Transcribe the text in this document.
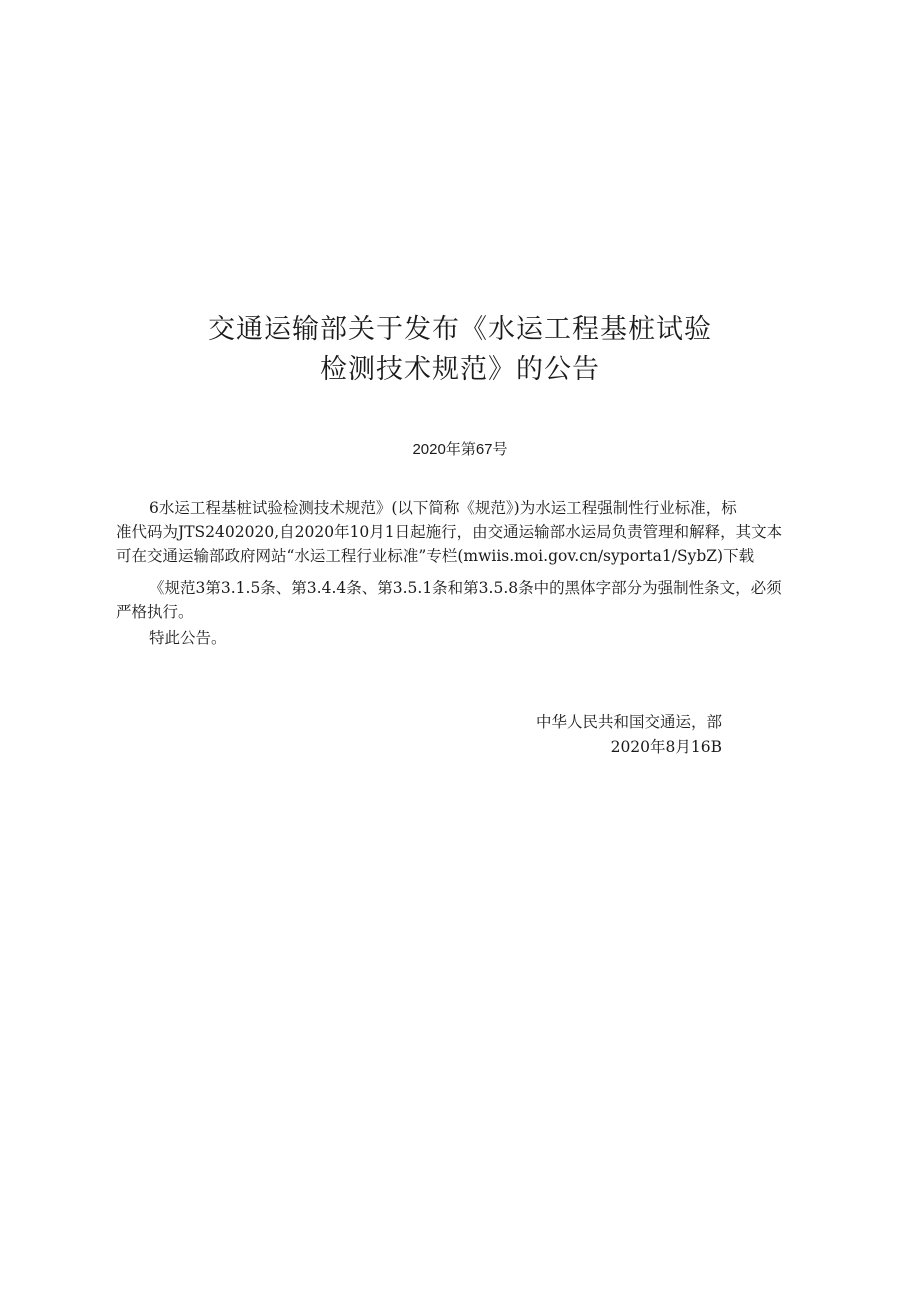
交通运输部关于发布《水运工程基桩试验
检测技术规范》的公告
2020年第67号
6水运工程基桩试验检测技术规范》(以下简称《规范》)为水运工程强制性行业标准，标
准代码为JTS2402020,自2020年10月1日起施行，由交通运输部水运局负责管理和解释，其文本
可在交通运输部政府网站“水运工程行业标准”专栏(mwiis.moi.gov.cn∕syporta1∕SybZ)下载
《规范3第3.1.5条、第3.4.4条、第3.5.1条和第3.5.8条中的黑体字部分为强制性条文，必须
严格执行。
特此公告。
中华人民共和国交通运，部
2020年8月16B
